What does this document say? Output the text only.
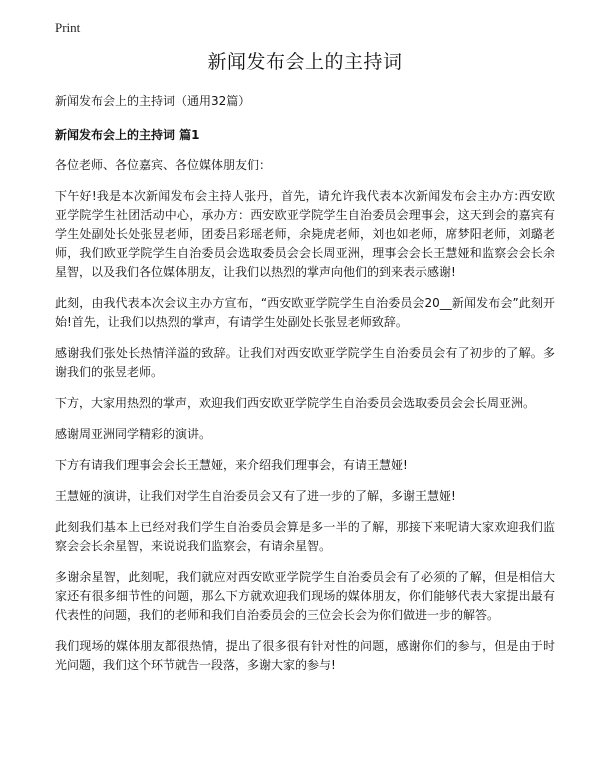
Print
新闻发布会上的主持词

新闻发布会上的主持词（通用32篇）

新闻发布会上的主持词 篇1

各位老师、各位嘉宾、各位媒体朋友们：

下午好!我是本次新闻发布会主持人张丹，首先，请允许我代表本次新闻发布会主办方:西安欧亚学院学生社团活动中心，承办方：西安欧亚学院学生自治委员会理事会，这天到会的嘉宾有学生处副处长处张昱老师，团委吕彩瑶老师，余毙虎老师，刘也如老师，席梦阳老师，刘璐老师，我们欧亚学院学生自治委员会选取委员会会长周亚洲，理事会会长王慧娅和监察会会长余星智，以及我们各位媒体朋友，让我们以热烈的掌声向他们的到来表示感谢!

此刻，由我代表本次会议主办方宣布，“西安欧亚学院学生自治委员会20__新闻发布会”此刻开始!首先，让我们以热烈的掌声，有请学生处副处长张昱老师致辞。

感谢我们张处长热情洋溢的致辞。让我们对西安欧亚学院学生自治委员会有了初步的了解。多谢我们的张昱老师。

下方，大家用热烈的掌声，欢迎我们西安欧亚学院学生自治委员会选取委员会会长周亚洲。

感谢周亚洲同学精彩的演讲。

下方有请我们理事会会长王慧娅，来介绍我们理事会，有请王慧娅!

王慧娅的演讲，让我们对学生自治委员会又有了进一步的了解，多谢王慧娅!

此刻我们基本上已经对我们学生自治委员会算是多一半的了解，那接下来呢请大家欢迎我们监察会会长余星智，来说说我们监察会，有请余星智。

多谢余星智，此刻呢，我们就应对西安欧亚学院学生自治委员会有了必须的了解，但是相信大家还有很多细节性的问题，那么下方就欢迎我们现场的媒体朋友，你们能够代表大家提出最有代表性的问题，我们的老师和我们自治委员会的三位会长会为你们做进一步的解答。

我们现场的媒体朋友都很热情，提出了很多很有针对性的问题，感谢你们的参与，但是由于时光问题，我们这个环节就告一段落，多谢大家的参与!
